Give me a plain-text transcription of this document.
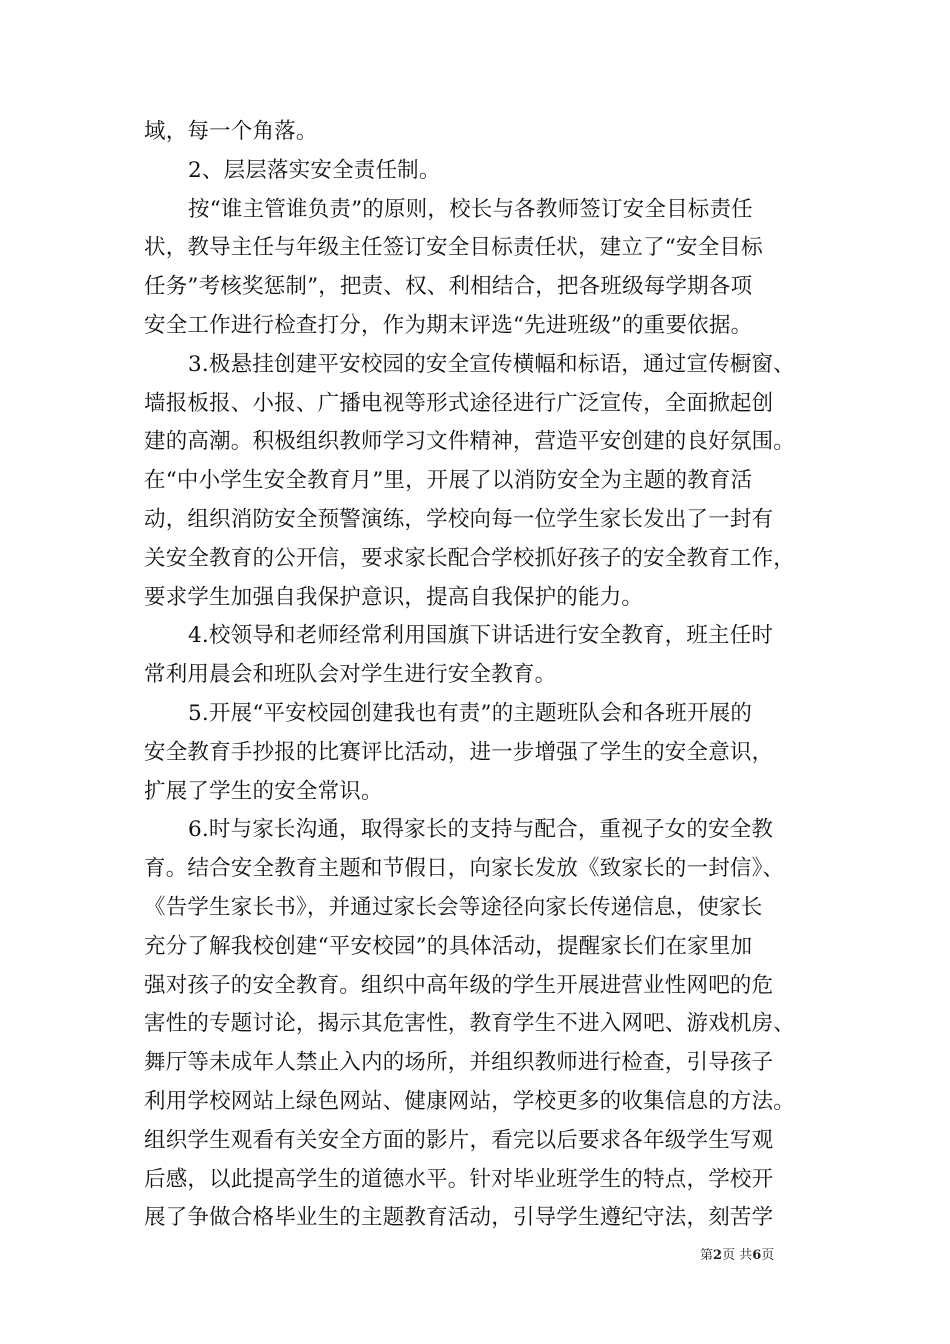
域，每一个角落。
2、层层落实安全责任制。
按“谁主管谁负责”的原则，校长与各教师签订安全目标责任
状，教导主任与年级主任签订安全目标责任状，建立了“安全目标
任务”考核奖惩制”，把责、权、利相结合，把各班级每学期各项
安全工作进行检查打分，作为期末评选“先进班级”的重要依据。
3.极悬挂创建平安校园的安全宣传横幅和标语，通过宣传橱窗、
墙报板报、小报、广播电视等形式途径进行广泛宣传，全面掀起创
建的高潮。积极组织教师学习文件精神，营造平安创建的良好氛围。
在“中小学生安全教育月”里，开展了以消防安全为主题的教育活
动，组织消防安全预警演练，学校向每一位学生家长发出了一封有
关安全教育的公开信，要求家长配合学校抓好孩子的安全教育工作，
要求学生加强自我保护意识，提高自我保护的能力。
4.校领导和老师经常利用国旗下讲话进行安全教育，班主任时
常利用晨会和班队会对学生进行安全教育。
5.开展“平安校园创建我也有责”的主题班队会和各班开展的
安全教育手抄报的比赛评比活动，进一步增强了学生的安全意识，
扩展了学生的安全常识。
6.时与家长沟通，取得家长的支持与配合，重视子女的安全教
育。结合安全教育主题和节假日，向家长发放《致家长的一封信》、
《告学生家长书》，并通过家长会等途径向家长传递信息，使家长
充分了解我校创建“平安校园”的具体活动，提醒家长们在家里加
强对孩子的安全教育。组织中高年级的学生开展进营业性网吧的危
害性的专题讨论，揭示其危害性，教育学生不进入网吧、游戏机房、
舞厅等未成年人禁止入内的场所，并组织教师进行检查，引导孩子
利用学校网站上绿色网站、健康网站，学校更多的收集信息的方法。
组织学生观看有关安全方面的影片，看完以后要求各年级学生写观
后感，以此提高学生的道德水平。针对毕业班学生的特点，学校开
展了争做合格毕业生的主题教育活动，引导学生遵纪守法，刻苦学
第2页 共6页
